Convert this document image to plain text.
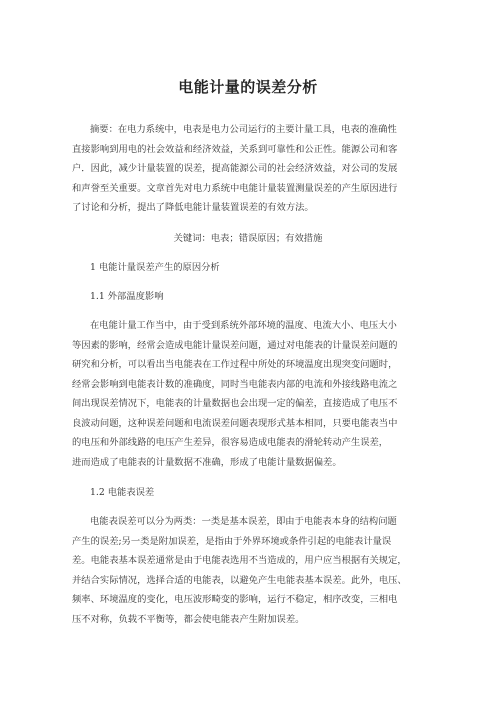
电能计量的误差分析
摘要：在电力系统中，电表是电力公司运行的主要计量工具，电表的准确性
直接影响到用电的社会效益和经济效益，关系到可靠性和公正性。能源公司和客
户．因此，减少计量装置的误差，提高能源公司的社会经济效益，对公司的发展
和声誉至关重要。文章首先对电力系统中电能计量装置测量误差的产生原因进行
了讨论和分析，提出了降低电能计量装置误差的有效方法。
关键词：电表；错误原因；有效措施
1 电能计量误差产生的原因分析
1.1 外部温度影响
在电能计量工作当中，由于受到系统外部环境的温度、电流大小、电压大小
等因素的影响，经常会造成电能计量误差问题，通过对电能表的计量误差问题的
研究和分析，可以看出当电能表在工作过程中所处的环境温度出现突变问题时，
经常会影响到电能表计数的准确度，同时当电能表内部的电流和外接线路电流之
间出现误差情况下，电能表的计量数据也会出现一定的偏差，直接造成了电压不
良波动问题，这种误差问题和电流误差问题表现形式基本相同，只要电能表当中
的电压和外部线路的电压产生差异，很容易造成电能表的滑轮转动产生误差，
进而造成了电能表的计量数据不准确，形成了电能计量数据偏差。
1.2 电能表误差
电能表误差可以分为两类：一类是基本误差，即由于电能表本身的结构问题
产生的误差;另一类是附加误差，是指由于外界环境或条件引起的电能表计量误
差。电能表基本误差通常是由于电能表选用不当造成的，用户应当根据有关规定，
并结合实际情况，选择合适的电能表，以避免产生电能表基本误差。此外，电压、
频率、环境温度的变化，电压波形畸变的影响，运行不稳定，相序改变，三相电
压不对称，负载不平衡等，都会使电能表产生附加误差。
